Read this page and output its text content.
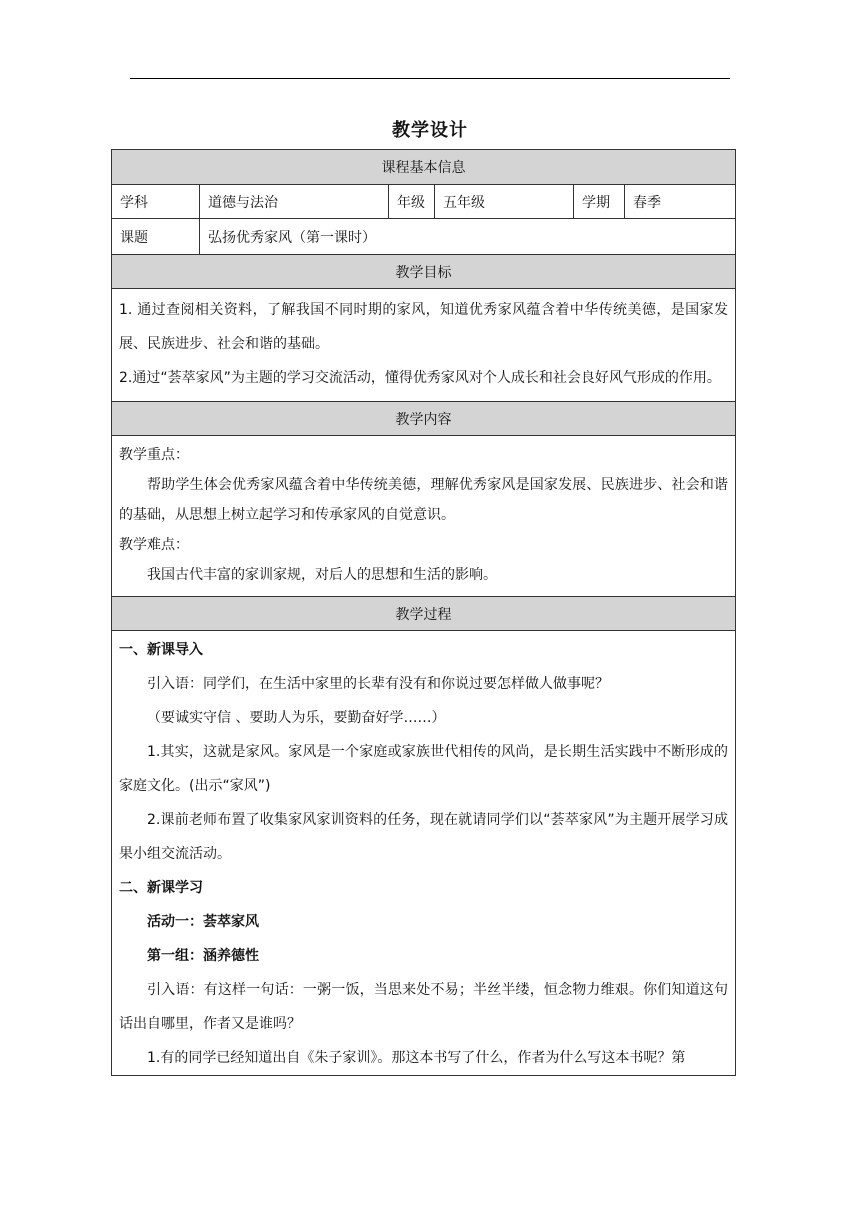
教学设计
课程基本信息
学科	道德与法治	年级	五年级	学期	春季
课题	弘扬优秀家风（第一课时）
教学目标

1. 通过查阅相关资料，了解我国不同时期的家风，知道优秀家风蕴含着中华传统美德，是国家发展、民族进步、社会和谐的基础。

2.通过“荟萃家风”为主题的学习交流活动，懂得优秀家风对个人成长和社会良好风气形成的作用。

教学内容

教学重点：

帮助学生体会优秀家风蕴含着中华传统美德，理解优秀家风是国家发展、民族进步、社会和谐的基础，从思想上树立起学习和传承家风的自觉意识。

教学难点：

我国古代丰富的家训家规，对后人的思想和生活的影响。

教学过程

一、新课导入

引入语：同学们，在生活中家里的长辈有没有和你说过要怎样做人做事呢？

（要诚实守信 、要助人为乐，要勤奋好学……）

1.其实，这就是家风。家风是一个家庭或家族世代相传的风尚，是长期生活实践中不断形成的家庭文化。(出示“家风”)

2.课前老师布置了收集家风家训资料的任务，现在就请同学们以“荟萃家风”为主题开展学习成果小组交流活动。

二、新课学习

活动一：荟萃家风

第一组：涵养德性

引入语：有这样一句话：一粥一饭，当思来处不易；半丝半缕，恒念物力维艰。你们知道这句话出自哪里，作者又是谁吗？

1.有的同学已经知道出自《朱子家训》。那这本书写了什么，作者为什么写这本书呢？第
